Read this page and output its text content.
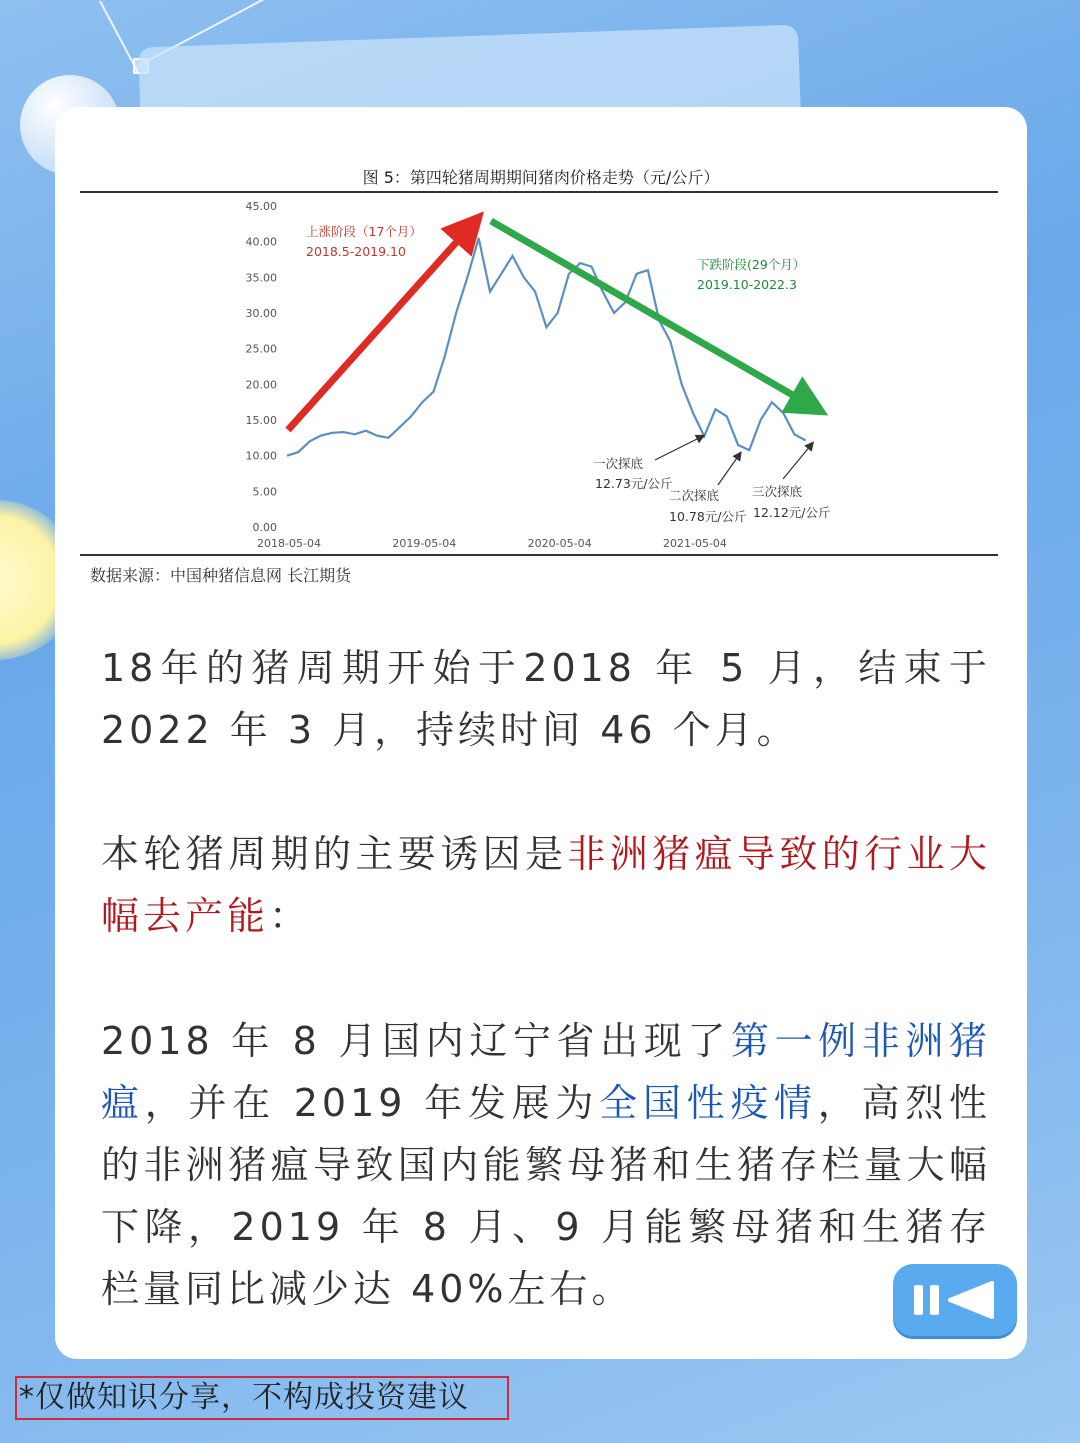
图 5：第四轮猪周期期间猪肉价格走势（元/公斤）
0.00
5.00
10.00
15.00
20.00
25.00
30.00
35.00
40.00
45.00
2018-05-04	2019-05-04	2020-05-04	2021-05-04
上涨阶段（17个月）
2018.5-2019.10
下跌阶段(29个月）
2019.10-2022.3
一次探底
12.73元/公斤
二次探底
10.78元/公斤
三次探底
12.12元/公斤
数据来源：中国种猪信息网 长江期货
18年的猪周期开始于2018 年 5 月，结束于2022 年 3 月，持续时间 46 个月。
本轮猪周期的主要诱因是非洲猪瘟导致的行业大幅去产能：
2018 年 8 月国内辽宁省出现了第一例非洲猪瘟，并在 2019 年发展为全国性疫情，高烈性的非洲猪瘟导致国内能繁母猪和生猪存栏量大幅下降，2019 年 8 月、9 月能繁母猪和生猪存栏量同比减少达 40%左右。
*仅做知识分享，不构成投资建议
